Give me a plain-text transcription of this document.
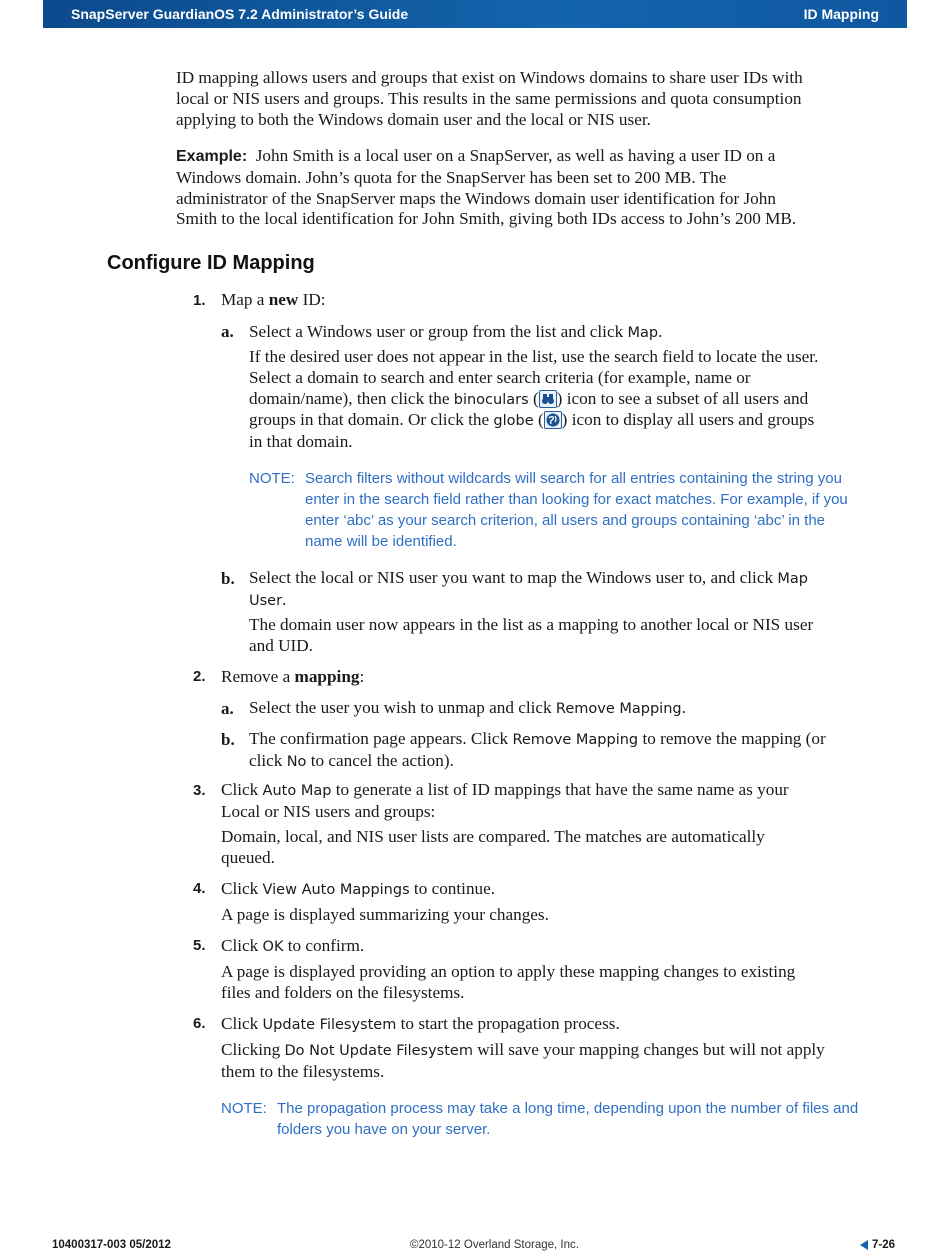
SnapServer GuardianOS 7.2 Administrator’s Guide	ID Mapping
ID mapping allows users and groups that exist on Windows domains to share user IDs with
local or NIS users and groups. This results in the same permissions and quota consumption
applying to both the Windows domain user and the local or NIS user.
Example: John Smith is a local user on a SnapServer, as well as having a user ID on a
Windows domain. John’s quota for the SnapServer has been set to 200 MB. The
administrator of the SnapServer maps the Windows domain user identification for John
Smith to the local identification for John Smith, giving both IDs access to John’s 200 MB.
Configure ID Mapping
1. Map a new ID:
a. Select a Windows user or group from the list and click Map.
If the desired user does not appear in the list, use the search field to locate the user.
Select a domain to search and enter search criteria (for example, name or
domain/name), then click the binoculars ( ) icon to see a subset of all users and
groups in that domain. Or click the globe ( ) icon to display all users and groups
in that domain.
NOTE: Search filters without wildcards will search for all entries containing the string you
enter in the search field rather than looking for exact matches. For example, if you
enter ‘abc’ as your search criterion, all users and groups containing ‘abc’ in the
name will be identified.
b. Select the local or NIS user you want to map the Windows user to, and click Map
User.
The domain user now appears in the list as a mapping to another local or NIS user
and UID.
2. Remove a mapping:
a. Select the user you wish to unmap and click Remove Mapping.
b. The confirmation page appears. Click Remove Mapping to remove the mapping (or
click No to cancel the action).
3. Click Auto Map to generate a list of ID mappings that have the same name as your
Local or NIS users and groups:
Domain, local, and NIS user lists are compared. The matches are automatically
queued.
4. Click View Auto Mappings to continue.
A page is displayed summarizing your changes.
5. Click OK to confirm.
A page is displayed providing an option to apply these mapping changes to existing
files and folders on the filesystems.
6. Click Update Filesystem to start the propagation process.
Clicking Do Not Update Filesystem will save your mapping changes but will not apply
them to the filesystems.
NOTE: The propagation process may take a long time, depending upon the number of files and
folders you have on your server.
10400317-003 05/2012	©2010-12 Overland Storage, Inc.	7-26
